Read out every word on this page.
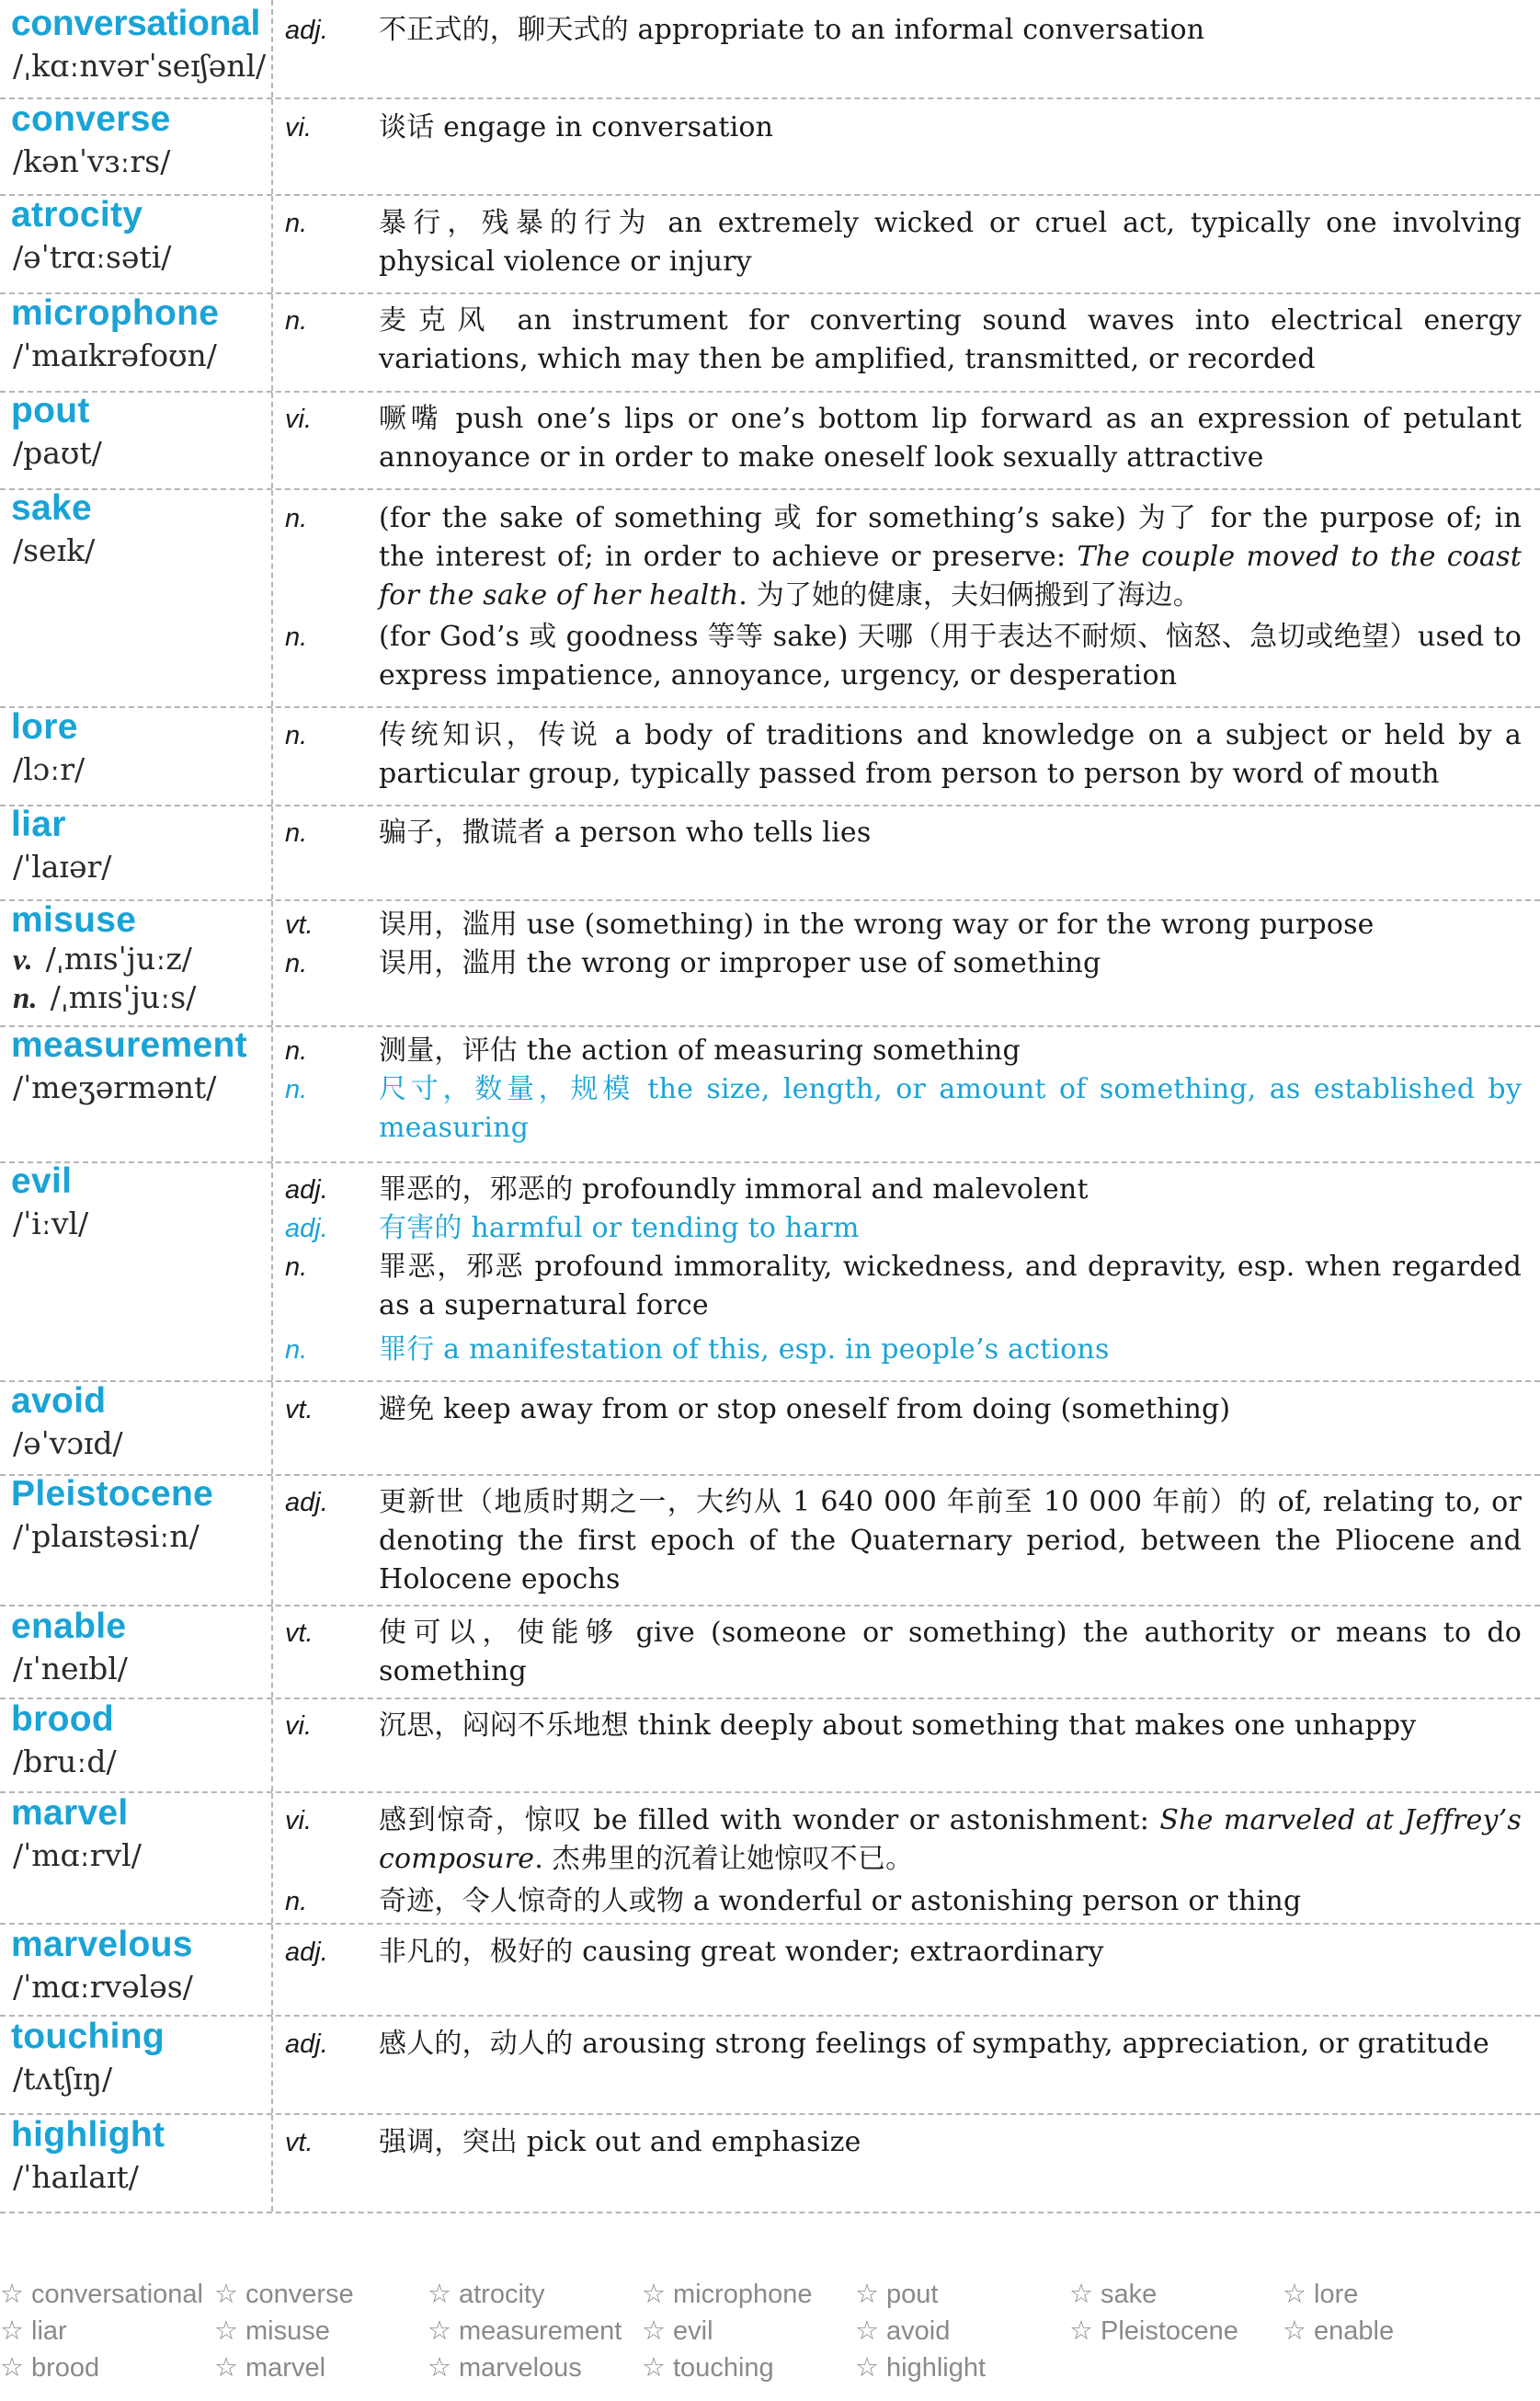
conversational
/ˌkɑːnvərˈseɪʃənl/
adj.	不正式的，聊天式的 appropriate to an informal conversation
converse
/kənˈvɜːrs/
vi.	谈话 engage in conversation
atrocity
/əˈtrɑːsəti/
n.	暴行，残暴的行为 an extremely wicked or cruel act, typically one involving physical violence or injury
microphone
/ˈmaɪkrəfoʊn/
n.	麦克风 an instrument for converting sound waves into electrical energy variations, which may then be amplified, transmitted, or recorded
pout
/paʊt/
vi.	噘嘴 push one’s lips or one’s bottom lip forward as an expression of petulant annoyance or in order to make oneself look sexually attractive
sake
/seɪk/
n.	(for the sake of something 或 for something’s sake) 为了 for the purpose of; in the interest of; in order to achieve or preserve: The couple moved to the coast for the sake of her health. 为了她的健康，夫妇俩搬到了海边。
n.	(for God’s 或 goodness 等等 sake) 天哪（用于表达不耐烦、恼怒、急切或绝望）used to express impatience, annoyance, urgency, or desperation
lore
/lɔːr/
n.	传统知识，传说 a body of traditions and knowledge on a subject or held by a particular group, typically passed from person to person by word of mouth
liar
/ˈlaɪər/
n.	骗子，撒谎者 a person who tells lies
misuse
v. /ˌmɪsˈjuːz/
n. /ˌmɪsˈjuːs/
vt.	误用，滥用 use (something) in the wrong way or for the wrong purpose
n.	误用，滥用 the wrong or improper use of something
measurement
/ˈmeʒərmənt/
n.	测量，评估 the action of measuring something
n.	尺寸，数量，规模 the size, length, or amount of something, as established by measuring
evil
/ˈiːvl/
adj.	罪恶的，邪恶的 profoundly immoral and malevolent
adj.	有害的 harmful or tending to harm
n.	罪恶，邪恶 profound immorality, wickedness, and depravity, esp. when regarded as a supernatural force
n.	罪行 a manifestation of this, esp. in people’s actions
avoid
/əˈvɔɪd/
vt.	避免 keep away from or stop oneself from doing (something)
Pleistocene
/ˈplaɪstəsiːn/
adj.	更新世（地质时期之一，大约从 1 640 000 年前至 10 000 年前）的 of, relating to, or denoting the first epoch of the Quaternary period, between the Pliocene and Holocene epochs
enable
/ɪˈneɪbl/
vt.	使可以，使能够 give (someone or something) the authority or means to do something
brood
/bruːd/
vi.	沉思，闷闷不乐地想 think deeply about something that makes one unhappy
marvel
/ˈmɑːrvl/
vi.	感到惊奇，惊叹 be filled with wonder or astonishment: She marveled at Jeffrey’s composure. 杰弗里的沉着让她惊叹不已。
n.	奇迹，令人惊奇的人或物 a wonderful or astonishing person or thing
marvelous
/ˈmɑːrvələs/
adj.	非凡的，极好的 causing great wonder; extraordinary
touching
/tʌtʃɪŋ/
adj.	感人的，动人的 arousing strong feelings of sympathy, appreciation, or gratitude
highlight
/ˈhaɪlaɪt/
vt.	强调，突出 pick out and emphasize
☆ conversational ☆ converse	☆ atrocity	☆ microphone ☆ pout	☆ sake	☆ lore
☆ liar	☆ misuse	☆ measurement ☆ evil	☆ avoid	☆ Pleistocene ☆ enable
☆ brood	☆ marvel	☆ marvelous ☆ touching	☆ highlight
